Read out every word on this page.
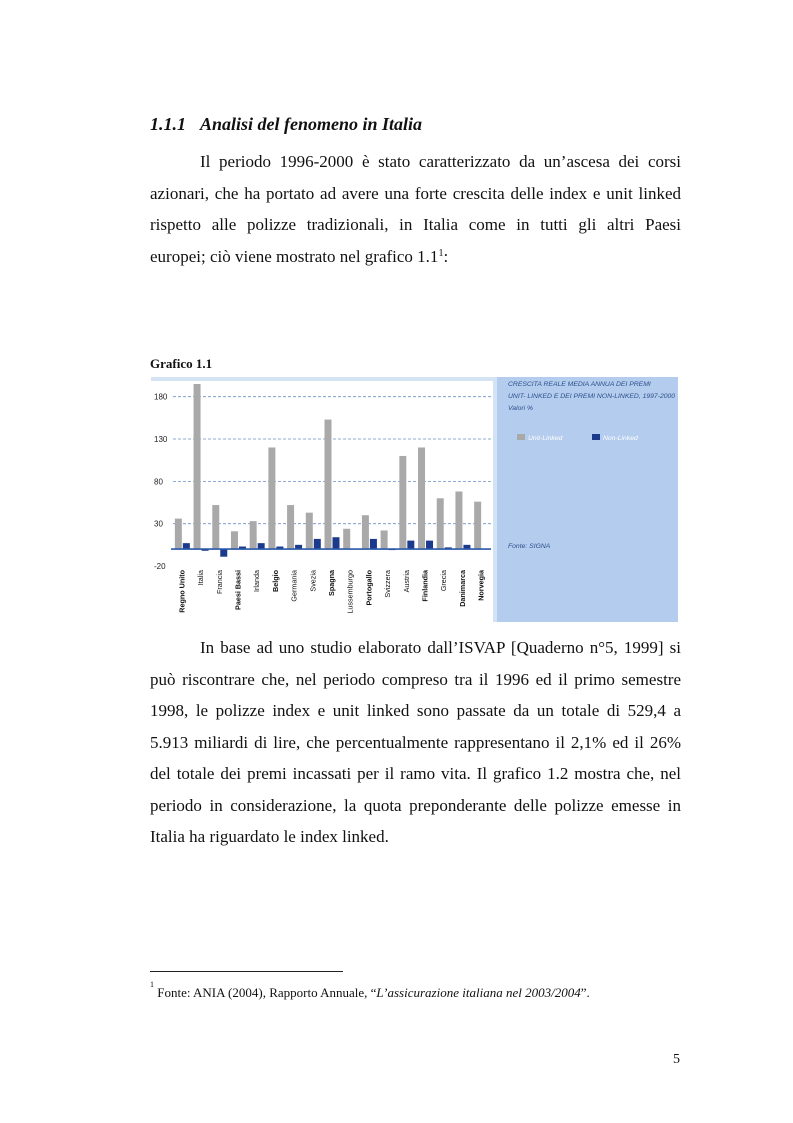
1.1.1 Analisi del fenomeno in Italia
Il periodo 1996-2000 è stato caratterizzato da un’ascesa dei corsi
azionari, che ha portato ad avere una forte crescita delle index e unit linked
rispetto alle polizze tradizionali, in Italia come in tutti gli altri Paesi
europei; ciò viene mostrato nel grafico $1.1^1$:
Grafico 1.1
180
130
80
30
-20
Regno Unito Italia Francia Paesi Bassi Irlanda Belgio Germania Svezia Spagna Lussemburgo Portogallo Svizzera Austria Finlandia Grecia Danimarca Norvegia
CRESCITA REALE MEDIA ANNUA DEI PREMI
UNIT- LINKED E DEI PREMI NON-LINKED, 1997-2000
Valori %
Unit-Linked	Non-Linked
Fonte: SIGNA
In base ad uno studio elaborato dall’ISVAP [Quaderno n°5, 1999] si
può riscontrare che, nel periodo compreso tra il 1996 ed il primo semestre
1998, le polizze index e unit linked sono passate da un totale di 529,4 a
5.913 miliardi di lire, che percentualmente rappresentano il 2,1% ed il 26%
del totale dei premi incassati per il ramo vita. Il grafico 1.2 mostra che, nel
periodo in considerazione, la quota preponderante delle polizze emesse in
Italia ha riguardato le index linked.
$^1$ Fonte: ANIA (2004), Rapporto Annuale, “L’assicurazione italiana nel 2003/2004”.
5
